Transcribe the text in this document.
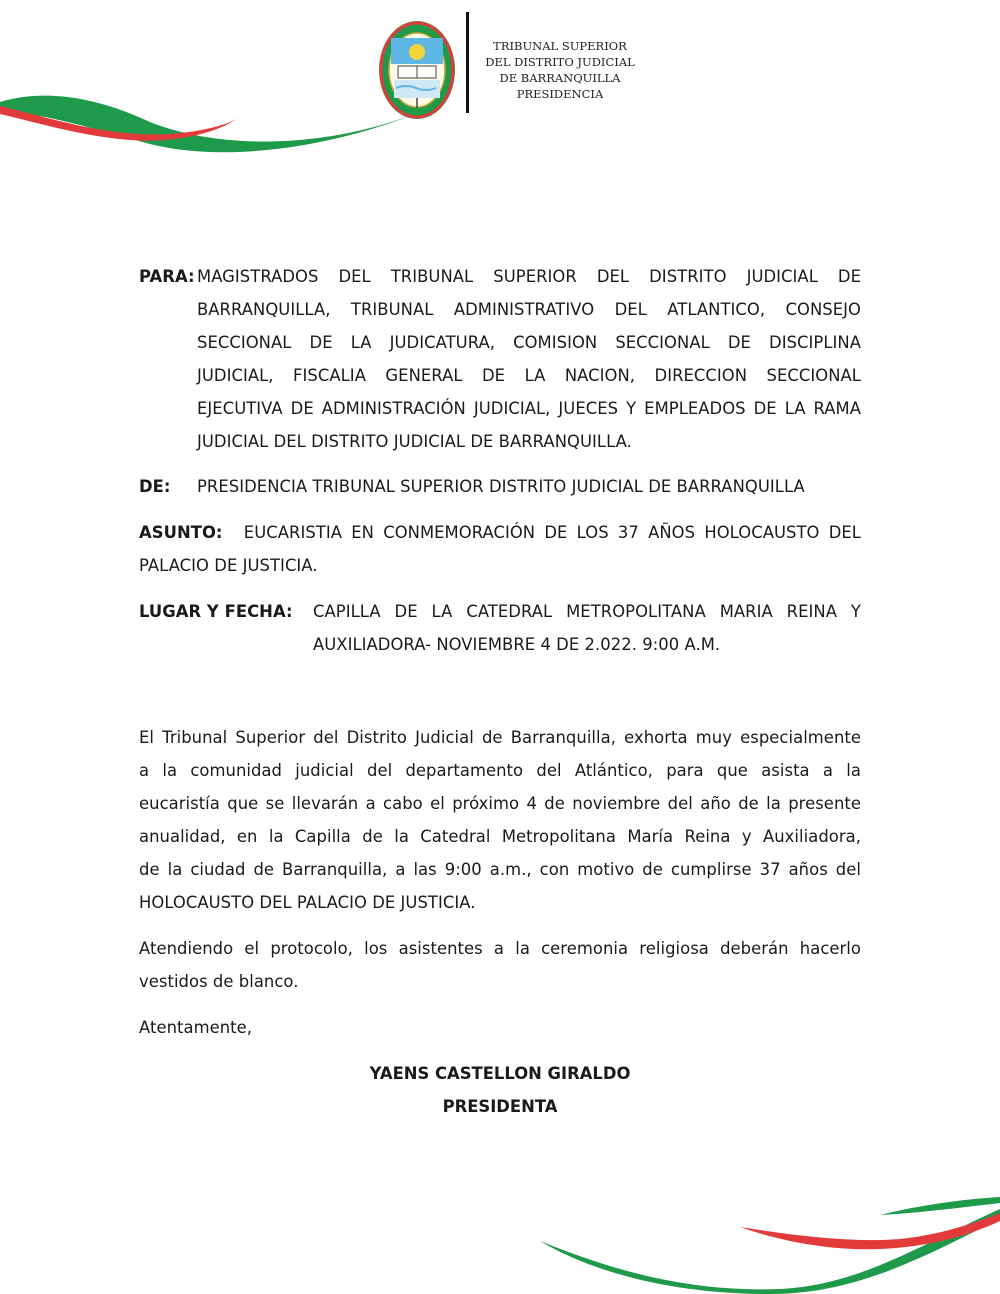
TRIBUNAL SUPERIOR
DEL DISTRITO JUDICIAL
DE BARRANQUILLA
PRESIDENCIA
PARA: MAGISTRADOS DEL TRIBUNAL SUPERIOR DEL DISTRITO JUDICIAL DE
BARRANQUILLA, TRIBUNAL ADMINISTRATIVO DEL ATLANTICO, CONSEJO
SECCIONAL DE LA JUDICATURA, COMISION SECCIONAL DE DISCIPLINA
JUDICIAL, FISCALIA GENERAL DE LA NACION, DIRECCION SECCIONAL
EJECUTIVA DE ADMINISTRACIÓN JUDICIAL, JUECES Y EMPLEADOS DE LA RAMA
JUDICIAL DEL DISTRITO JUDICIAL DE BARRANQUILLA.
DE: PRESIDENCIA TRIBUNAL SUPERIOR DISTRITO JUDICIAL DE BARRANQUILLA
ASUNTO: EUCARISTIA EN CONMEMORACIÓN DE LOS 37 AÑOS HOLOCAUSTO DEL
PALACIO DE JUSTICIA.
LUGAR Y FECHA: CAPILLA DE LA CATEDRAL METROPOLITANA MARIA REINA Y
AUXILIADORA- NOVIEMBRE 4 DE 2.022. 9:00 A.M.
El Tribunal Superior del Distrito Judicial de Barranquilla, exhorta muy especialmente
a la comunidad judicial del departamento del Atlántico, para que asista a la
eucaristía que se llevarán a cabo el próximo 4 de noviembre del año de la presente
anualidad, en la Capilla de la Catedral Metropolitana María Reina y Auxiliadora,
de la ciudad de Barranquilla, a las 9:00 a.m., con motivo de cumplirse 37 años del
HOLOCAUSTO DEL PALACIO DE JUSTICIA.
Atendiendo el protocolo, los asistentes a la ceremonia religiosa deberán hacerlo
vestidos de blanco.
Atentamente,
YAENS CASTELLON GIRALDO
PRESIDENTA
